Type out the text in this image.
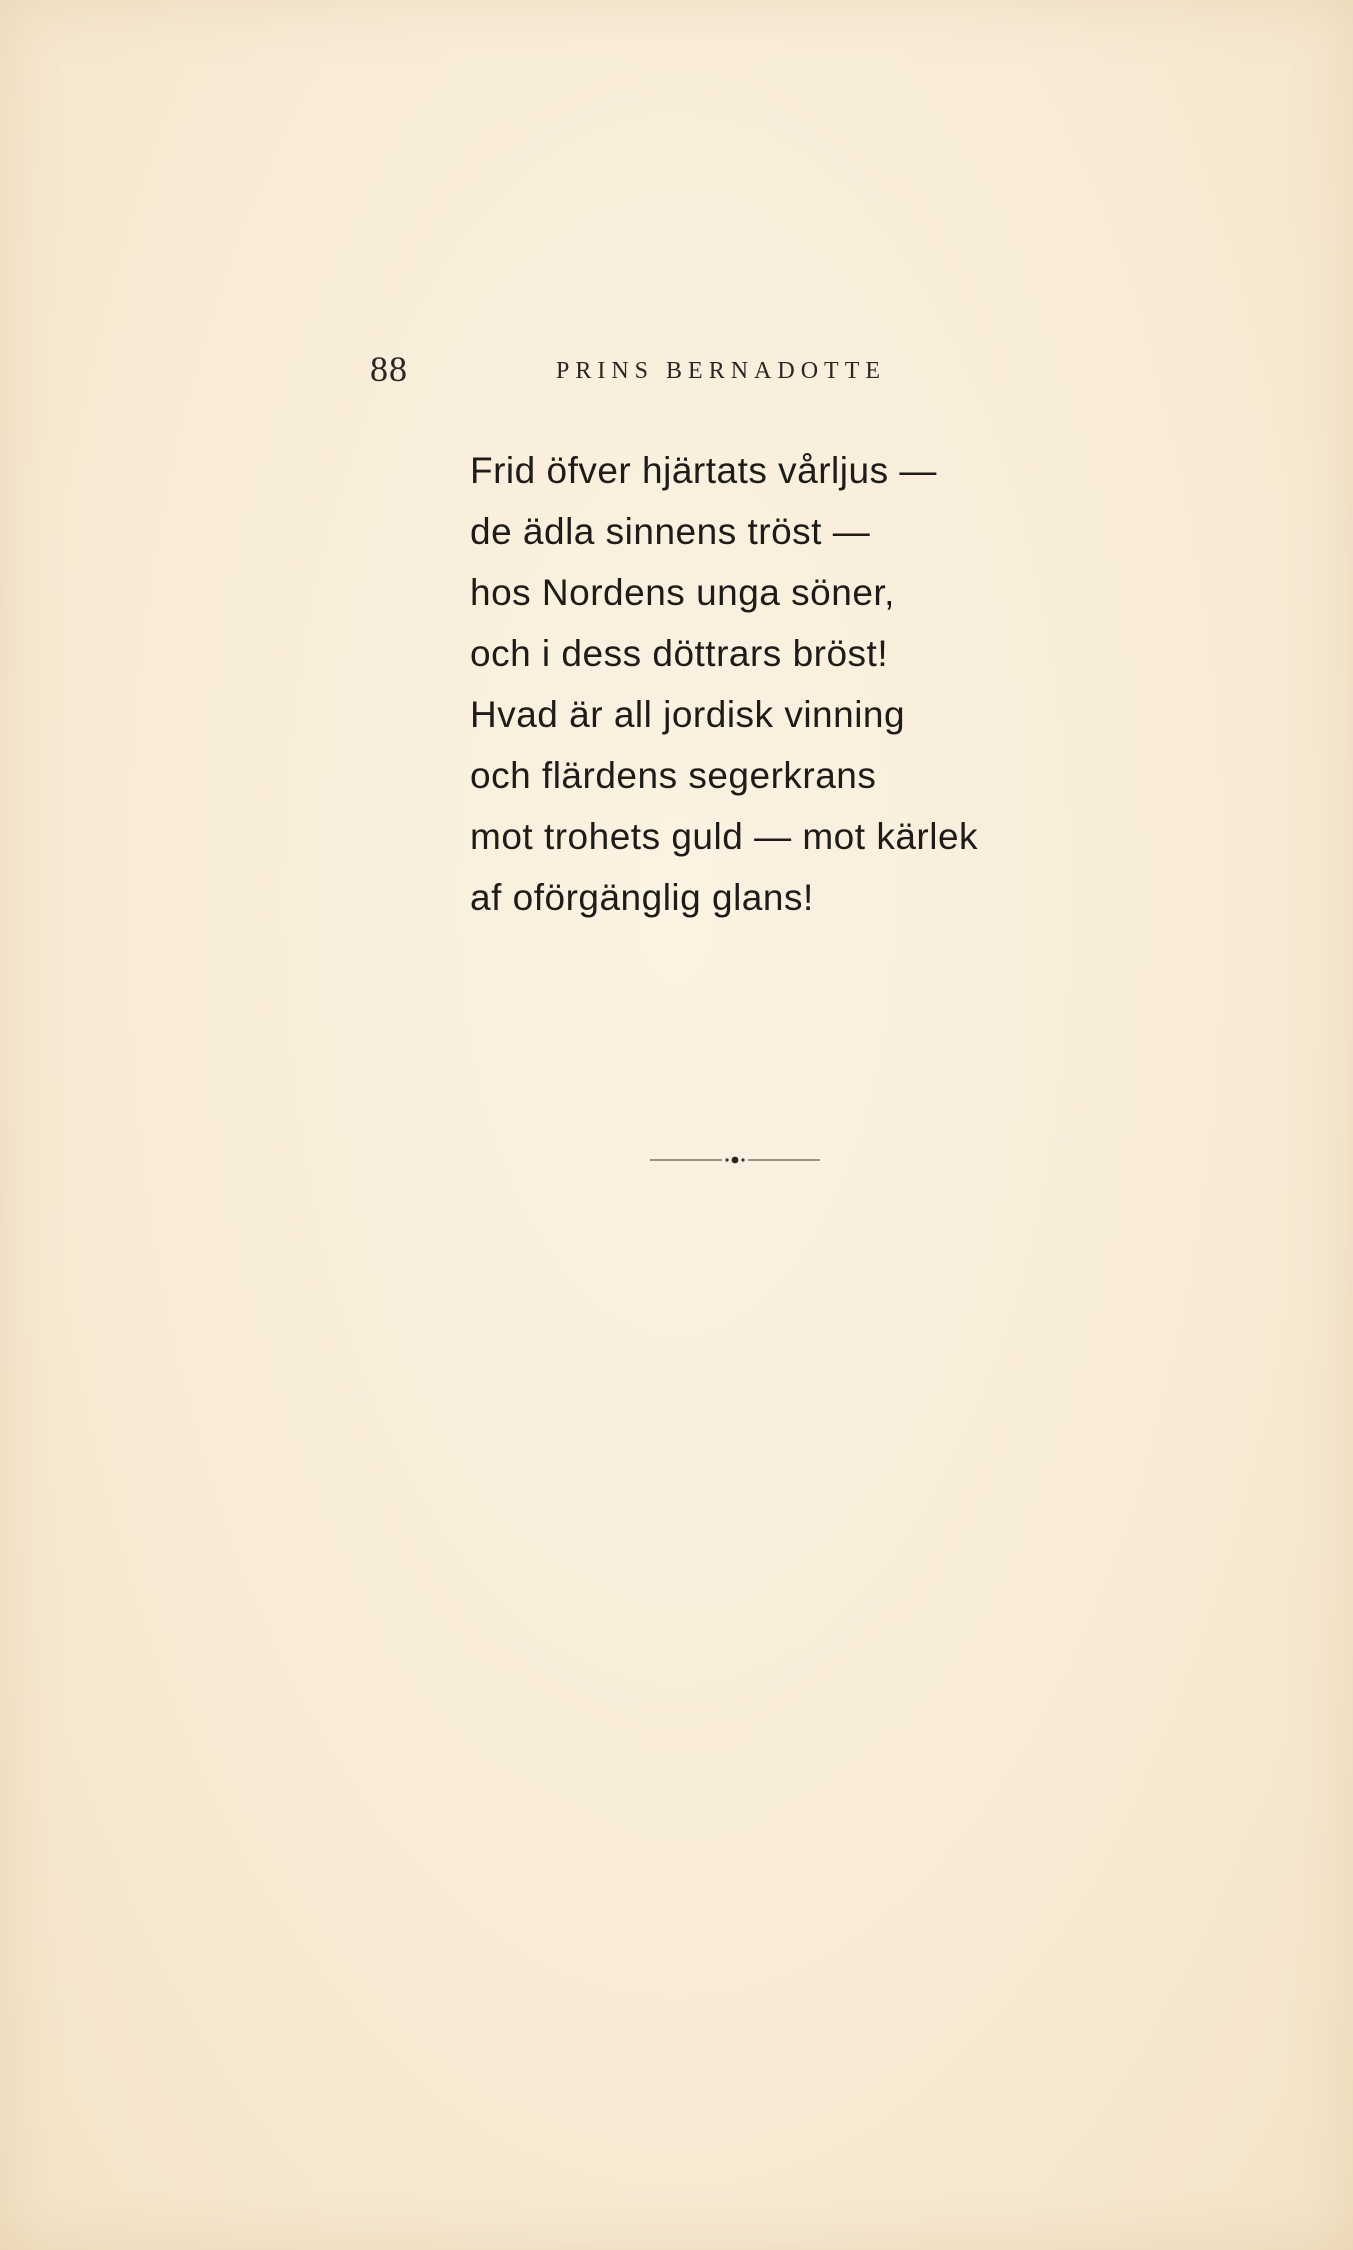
88	PRINS BERNADOTTE
Frid öfver hjärtats vårljus —
de ädla sinnens tröst —
hos Nordens unga söner,
och i dess döttrars bröst!
Hvad är all jordisk vinning
och flärdens segerkrans
mot trohets guld — mot kärlek
af oförgänglig glans!
